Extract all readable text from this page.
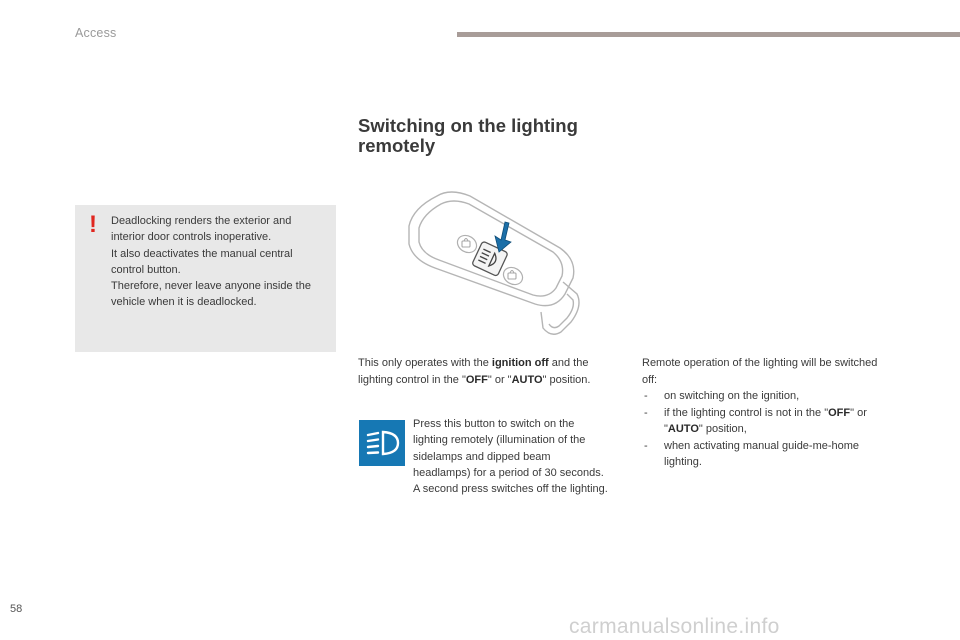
Access
Switching on the lighting
remotely
! Deadlocking renders the exterior and interior door controls inoperative.

It also deactivates the manual central control button.

Therefore, never leave anyone inside the vehicle when it is deadlocked.

This only operates with the ignition off and the lighting control in the "OFF" or "AUTO" position.

Press this button to switch on the lighting remotely (illumination of the sidelamps and dipped beam headlamps) for a period of 30 seconds.

A second press switches off the lighting.

Remote operation of the lighting will be switched off:

- on switching on the ignition,
- if the lighting control is not in the "OFF" or "AUTO" position,
- when activating manual guide-me-home lighting.
58
carmanualsonline.info
